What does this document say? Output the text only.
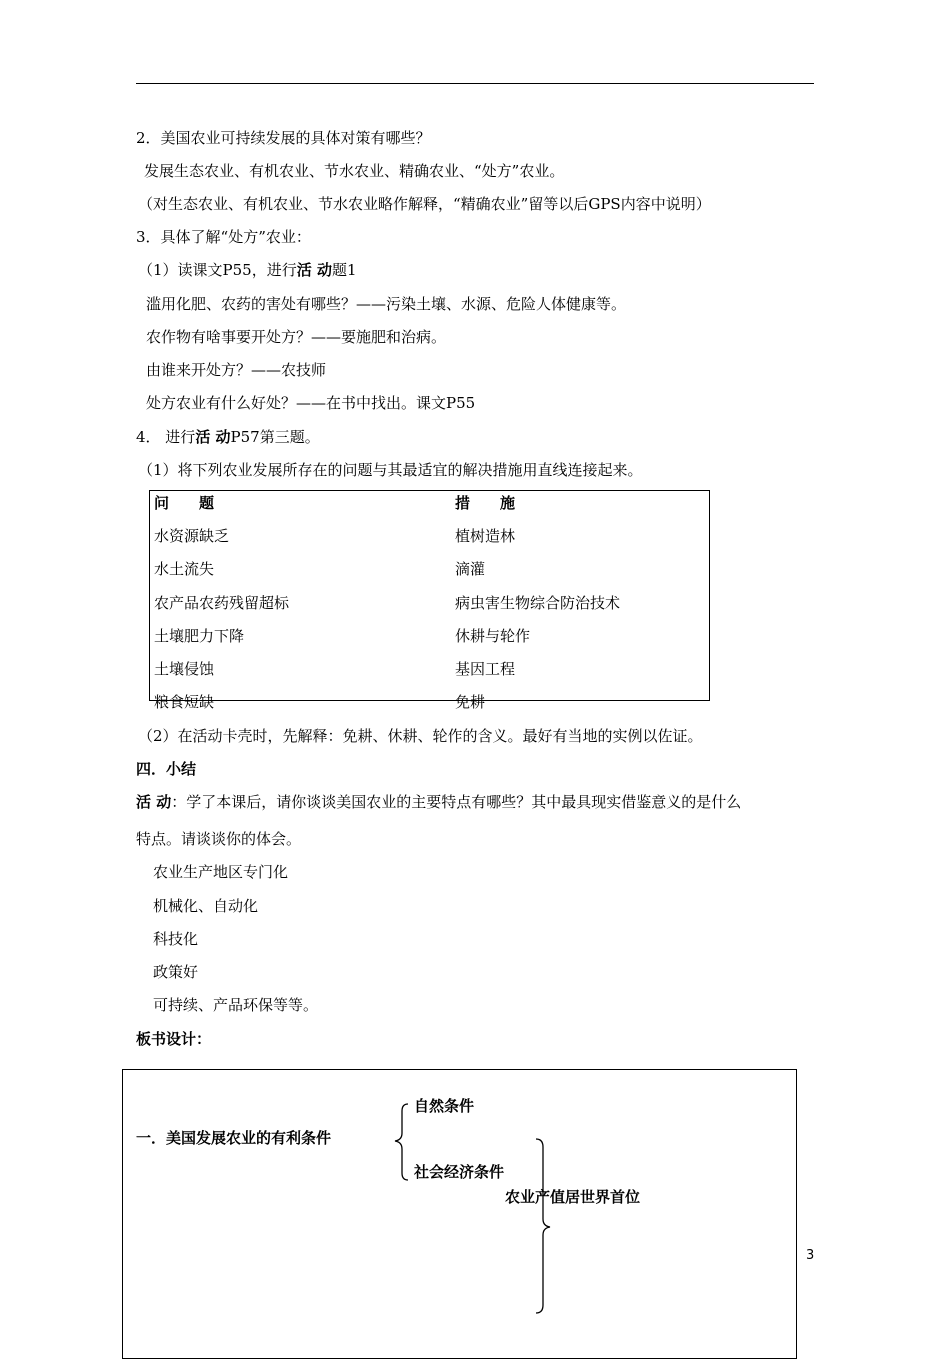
2．美国农业可持续发展的具体对策有哪些？
发展生态农业、有机农业、节水农业、精确农业、“处方”农业。
（对生态农业、有机农业、节水农业略作解释，“精确农业”留等以后GPS内容中说明）
3．具体了解“处方”农业：
（1）读课文P55，进行活 动题1
滥用化肥、农药的害处有哪些？——污染土壤、水源、危险人体健康等。
农作物有啥事要开处方？——要施肥和治病。
由谁来开处方？——农技师
处方农业有什么好处？——在书中找出。课文P55
4． 进行活 动P57第三题。
（1）将下列农业发展所存在的问题与其最适宜的解决措施用直线连接起来。
问　　题	措　　施
水资源缺乏
水土流失
农产品农药残留超标
土壤肥力下降
土壤侵蚀
粮食短缺
植树造林
滴灌
病虫害生物综合防治技术
休耕与轮作
基因工程
免耕
（2）在活动卡壳时，先解释：免耕、休耕、轮作的含义。最好有当地的实例以佐证。
四．小结
活 动：学了本课后，请你谈谈美国农业的主要特点有哪些？其中最具现实借鉴意义的是什么
特点。请谈谈你的体会。
农业生产地区专门化
机械化、自动化
科技化
政策好
可持续、产品环保等等。
板书设计：
一．美国发展农业的有利条件
自然条件
社会经济条件
农业产值居世界首位
3
